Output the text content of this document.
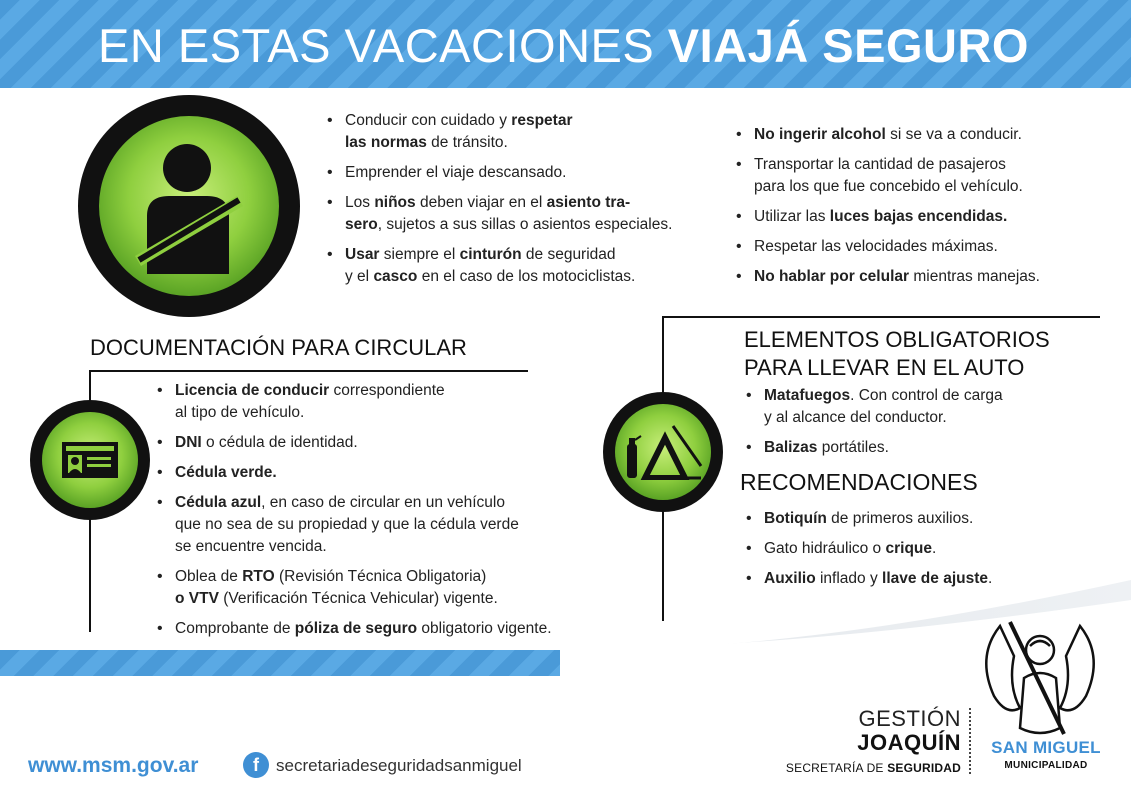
EN ESTAS VACACIONES VIAJÁ SEGURO
• Conducir con cuidado y respetar
las normas de tránsito.
• Emprender el viaje descansado.
• Los niños deben viajar en el asiento tra-
sero, sujetos a sus sillas o asientos especiales.
• Usar siempre el cinturón de seguridad
y el casco en el caso de los motociclistas.
• No ingerir alcohol si se va a conducir.
• Transportar la cantidad de pasajeros
para los que fue concebido el vehículo.
• Utilizar las luces bajas encendidas.
• Respetar las velocidades máximas.
• No hablar por celular mientras manejas.
DOCUMENTACIÓN PARA CIRCULAR
• Licencia de conducir correspondiente
al tipo de vehículo.
• DNI o cédula de identidad.
• Cédula verde.
• Cédula azul, en caso de circular en un vehículo
que no sea de su propiedad y que la cédula verde
se encuentre vencida.
• Oblea de RTO (Revisión Técnica Obligatoria)
o VTV (Verificación Técnica Vehicular) vigente.
• Comprobante de póliza de seguro obligatorio vigente.
ELEMENTOS OBLIGATORIOS
PARA LLEVAR EN EL AUTO
• Matafuegos. Con control de carga
y al alcance del conductor.
• Balizas portátiles.
RECOMENDACIONES
• Botiquín de primeros auxilios.
• Gato hidráulico o crique.
• Auxilio inflado y llave de ajuste.
www.msm.gov.ar	f	secretariadeseguridadsanmiguel
GESTIÓN
JOAQUÍN
SECRETARÍA DE SEGURIDAD
SAN MIGUEL
MUNICIPALIDAD
